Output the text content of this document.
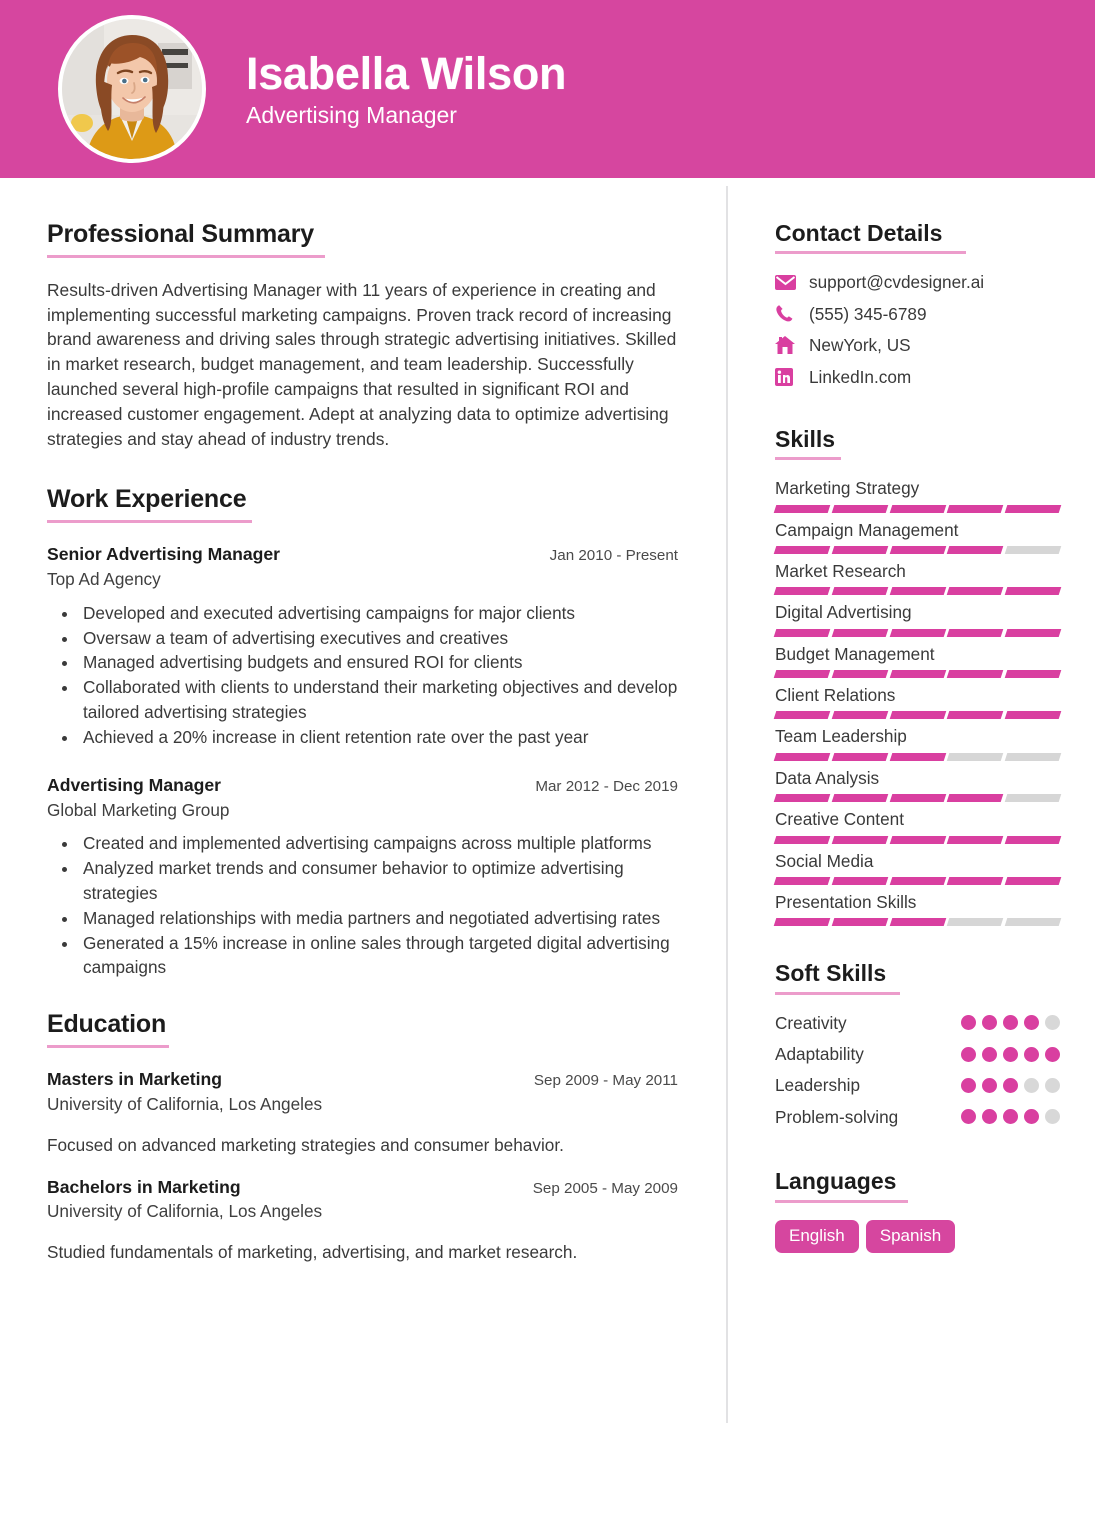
Isabella Wilson
Advertising Manager
Professional Summary

Results-driven Advertising Manager with 11 years of experience in creating and implementing successful marketing campaigns. Proven track record of increasing brand awareness and driving sales through strategic advertising initiatives. Skilled in market research, budget management, and team leadership. Successfully launched several high-profile campaigns that resulted in significant ROI and increased customer engagement. Adept at analyzing data to optimize advertising strategies and stay ahead of industry trends.

Work Experience
Senior Advertising Manager	Jan 2010 - Present
Top Ad Agency
• Developed and executed advertising campaigns for major clients
• Oversaw a team of advertising executives and creatives
• Managed advertising budgets and ensured ROI for clients
• Collaborated with clients to understand their marketing objectives and develop tailored advertising strategies
• Achieved a 20% increase in client retention rate over the past year
Advertising Manager	Mar 2012 - Dec 2019
Global Marketing Group
• Created and implemented advertising campaigns across multiple platforms
• Analyzed market trends and consumer behavior to optimize advertising strategies
• Managed relationships with media partners and negotiated advertising rates
• Generated a 15% increase in online sales through targeted digital advertising campaigns
Education
Masters in Marketing	Sep 2009 - May 2011
University of California, Los Angeles
Focused on advanced marketing strategies and consumer behavior.
Bachelors in Marketing	Sep 2005 - May 2009
University of California, Los Angeles
Studied fundamentals of marketing, advertising, and market research.
Contact Details
support@cvdesigner.ai
(555) 345-6789
NewYork, US
LinkedIn.com
Skills
Marketing Strategy
Campaign Management
Market Research
Digital Advertising
Budget Management
Client Relations
Team Leadership
Data Analysis
Creative Content
Social Media
Presentation Skills
Soft Skills
Creativity
Adaptability
Leadership
Problem-solving
Languages
English	Spanish
